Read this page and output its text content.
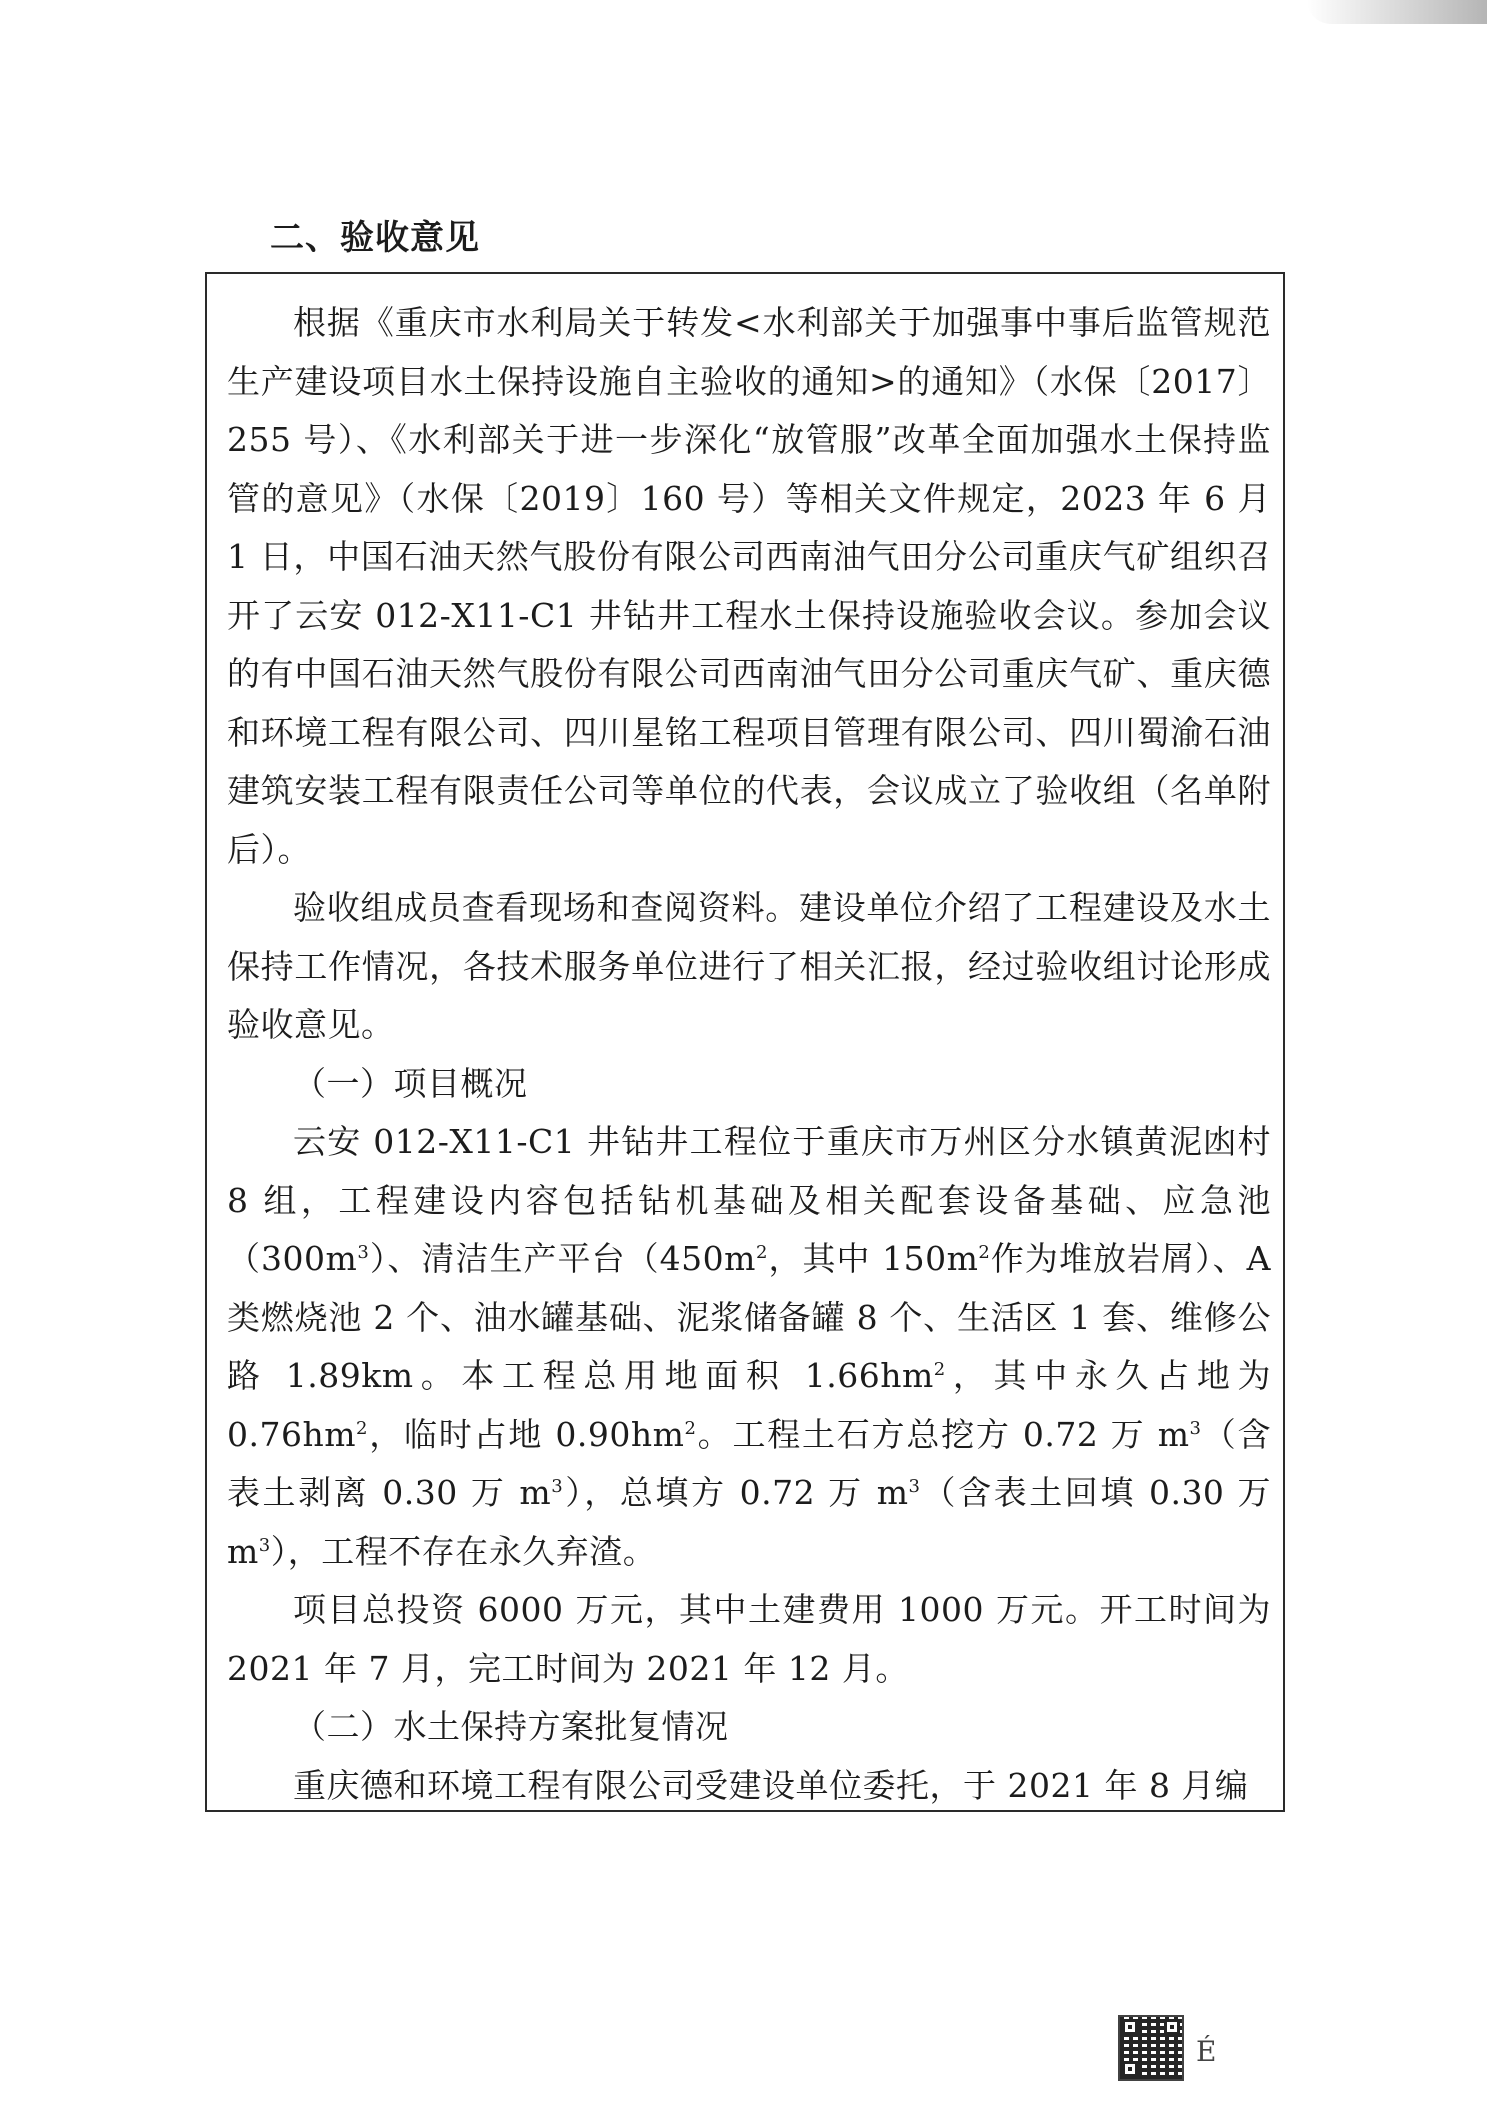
二、验收意见

根据《重庆市水利局关于转发<水利部关于加强事中事后监管规范生产建设项目水土保持设施自主验收的通知>的通知》（水保〔2017〕255 号）、《水利部关于进一步深化“放管服”改革全面加强水土保持监管的意见》（水保〔2019〕160 号）等相关文件规定，2023 年 6 月 1 日，中国石油天然气股份有限公司西南油气田分公司重庆气矿组织召开了云安 012-X11-C1 井钻井工程水土保持设施验收会议。参加会议的有中国石油天然气股份有限公司西南油气田分公司重庆气矿、重庆德和环境工程有限公司、四川星铭工程项目管理有限公司、四川蜀渝石油建筑安装工程有限责任公司等单位的代表，会议成立了验收组（名单附后）。

验收组成员查看现场和查阅资料。建设单位介绍了工程建设及水土保持工作情况，各技术服务单位进行了相关汇报，经过验收组讨论形成验收意见。

（一）项目概况

云安 012-X11-C1 井钻井工程位于重庆市万州区分水镇黄泥凼村 8 组，工程建设内容包括钻机基础及相关配套设备基础、应急池$(300m^3)$、清洁生产平台（$450m^2$，其中 $150m^2$作为堆放岩屑）、A 类燃烧池 2 个、油水罐基础、泥浆储备罐 8 个、生活区 1 套、维修公路 1.89km。本工程总用地面积 $1.66hm^2$，其中永久占地为 $0.76hm^2$，临时占地 $0.90hm^2$。工程土石方总挖方 0.72 万 $m^3$（含表土剥离 0.30 万 $m^3$），总填方 0.72 万 $m^3$（含表土回填 0.30 万 $m^3$），工程不存在永久弃渣。

项目总投资 6000 万元，其中土建费用 1000 万元。开工时间为 2021 年 7 月，完工时间为 2021 年 12 月。

（二）水土保持方案批复情况

重庆德和环境工程有限公司受建设单位委托，于 2021 年 8 月编

É
